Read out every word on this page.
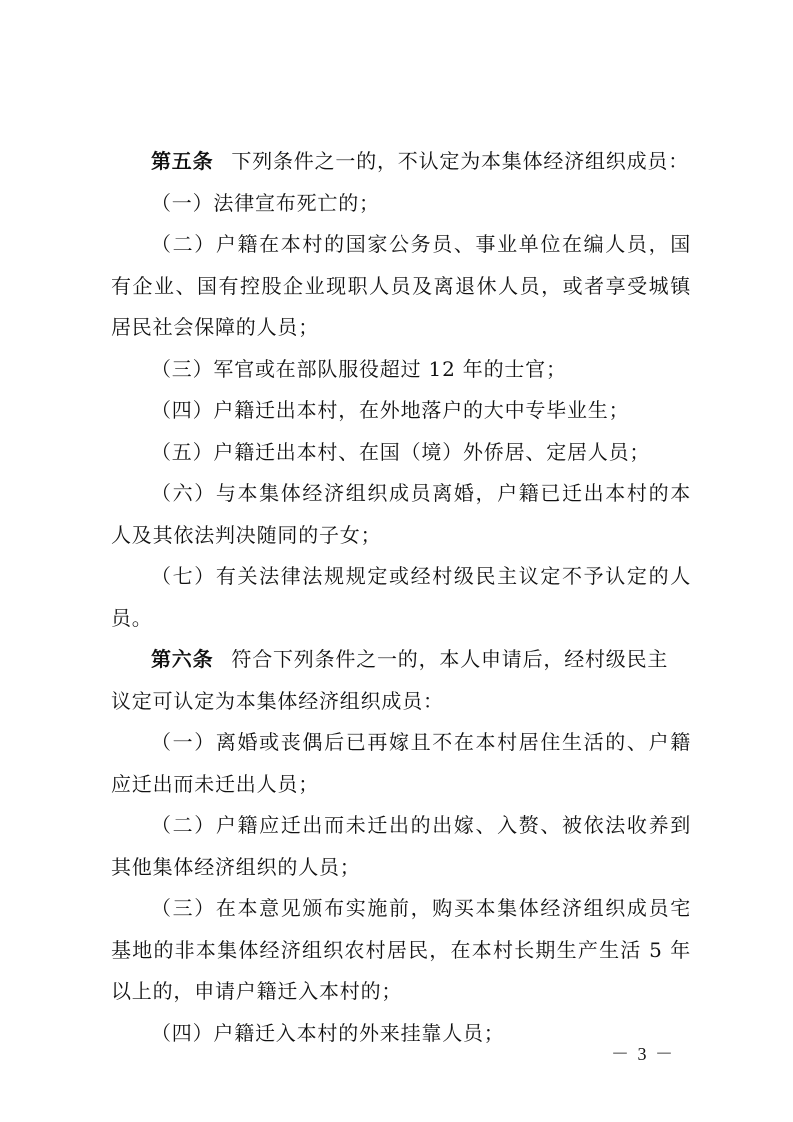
第五条 下列条件之一的，不认定为本集体经济组织成员：
（一）法律宣布死亡的；
（二）户籍在本村的国家公务员、事业单位在编人员，国
有企业、国有控股企业现职人员及离退休人员，或者享受城镇
居民社会保障的人员；
（三）军官或在部队服役超过 12 年的士官；
（四）户籍迁出本村，在外地落户的大中专毕业生；
（五）户籍迁出本村、在国（境）外侨居、定居人员；
（六）与本集体经济组织成员离婚，户籍已迁出本村的本
人及其依法判决随同的子女；
（七）有关法律法规规定或经村级民主议定不予认定的人
员。
第六条 符合下列条件之一的，本人申请后，经村级民主
议定可认定为本集体经济组织成员：
（一）离婚或丧偶后已再嫁且不在本村居住生活的、户籍
应迁出而未迁出人员；
（二）户籍应迁出而未迁出的出嫁、入赘、被依法收养到
其他集体经济组织的人员；
（三）在本意见颁布实施前，购买本集体经济组织成员宅
基地的非本集体经济组织农村居民，在本村长期生产生活 5 年
以上的，申请户籍迁入本村的；
（四）户籍迁入本村的外来挂靠人员；
－ 3 －
